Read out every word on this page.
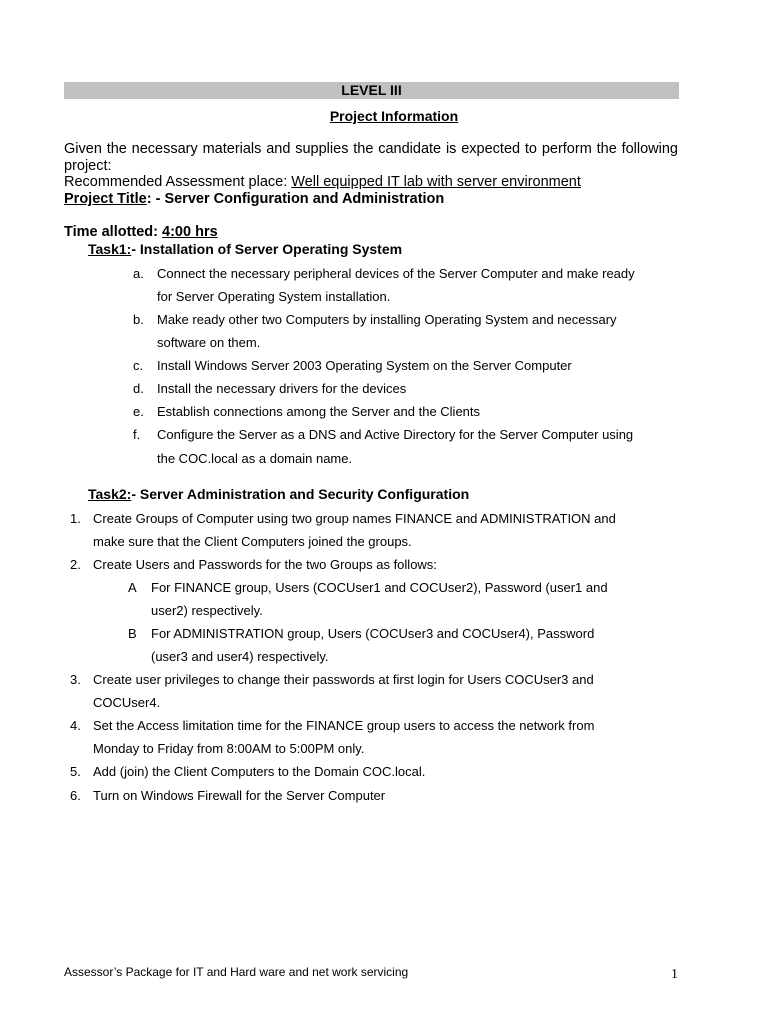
LEVEL III
Project Information
Given the necessary materials and supplies the candidate is expected to perform the following project:
Recommended Assessment place: Well equipped IT lab with server environment
Project Title: - Server Configuration and Administration
Time allotted: 4:00 hrs
Task1:- Installation of Server Operating System
a. Connect the necessary peripheral devices of the Server Computer and make ready
for Server Operating System installation.
b. Make ready other two Computers by installing Operating System and necessary
software on them.
c. Install Windows Server 2003 Operating System on the Server Computer
d. Install the necessary drivers for the devices
e. Establish connections among the Server and the Clients
f. Configure the Server as a DNS and Active Directory for the Server Computer using
the COC.local as a domain name.
Task2:- Server Administration and Security Configuration
1. Create Groups of Computer using two group names FINANCE and ADMINISTRATION and
make sure that the Client Computers joined the groups.
2. Create Users and Passwords for the two Groups as follows:
A For FINANCE group, Users (COCUser1 and COCUser2), Password (user1 and
user2) respectively.
B For ADMINISTRATION group, Users (COCUser3 and COCUser4), Password
(user3 and user4) respectively.
3. Create user privileges to change their passwords at first login for Users COCUser3 and
COCUser4.
4. Set the Access limitation time for the FINANCE group users to access the network from
Monday to Friday from 8:00AM to 5:00PM only.
5. Add (join) the Client Computers to the Domain COC.local.
6. Turn on Windows Firewall for the Server Computer
Assessor’s Package for IT and Hard ware and net work servicing	1
